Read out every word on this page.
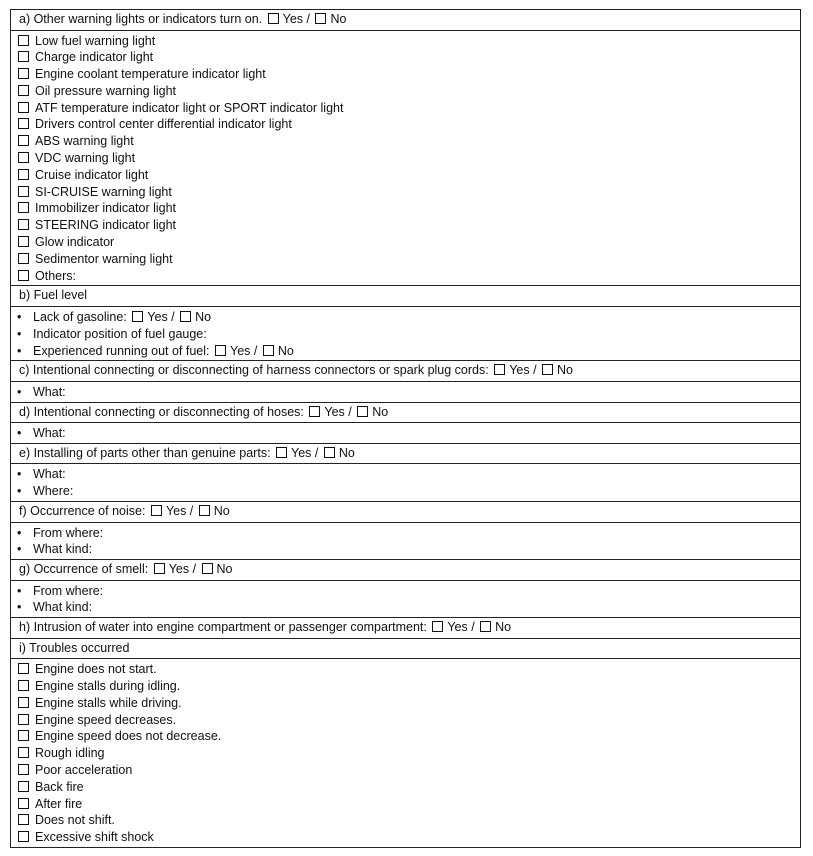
a) Other warning lights or indicators turn on. Yes / No
Low fuel warning light
Charge indicator light
Engine coolant temperature indicator light
Oil pressure warning light
ATF temperature indicator light or SPORT indicator light
Drivers control center differential indicator light
ABS warning light
VDC warning light
Cruise indicator light
SI-CRUISE warning light
Immobilizer indicator light
STEERING indicator light
Glow indicator
Sedimentor warning light
Others:
b) Fuel level
• Lack of gasoline: Yes / No
• Indicator position of fuel gauge:
• Experienced running out of fuel: Yes / No
c) Intentional connecting or disconnecting of harness connectors or spark plug cords: Yes / No
• What:
d) Intentional connecting or disconnecting of hoses: Yes / No
• What:
e) Installing of parts other than genuine parts: Yes / No
• What:
• Where:
f) Occurrence of noise: Yes / No
• From where:
• What kind:
g) Occurrence of smell: Yes / No
• From where:
• What kind:
h) Intrusion of water into engine compartment or passenger compartment: Yes / No
i) Troubles occurred
Engine does not start.
Engine stalls during idling.
Engine stalls while driving.
Engine speed decreases.
Engine speed does not decrease.
Rough idling
Poor acceleration
Back fire
After fire
Does not shift.
Excessive shift shock
